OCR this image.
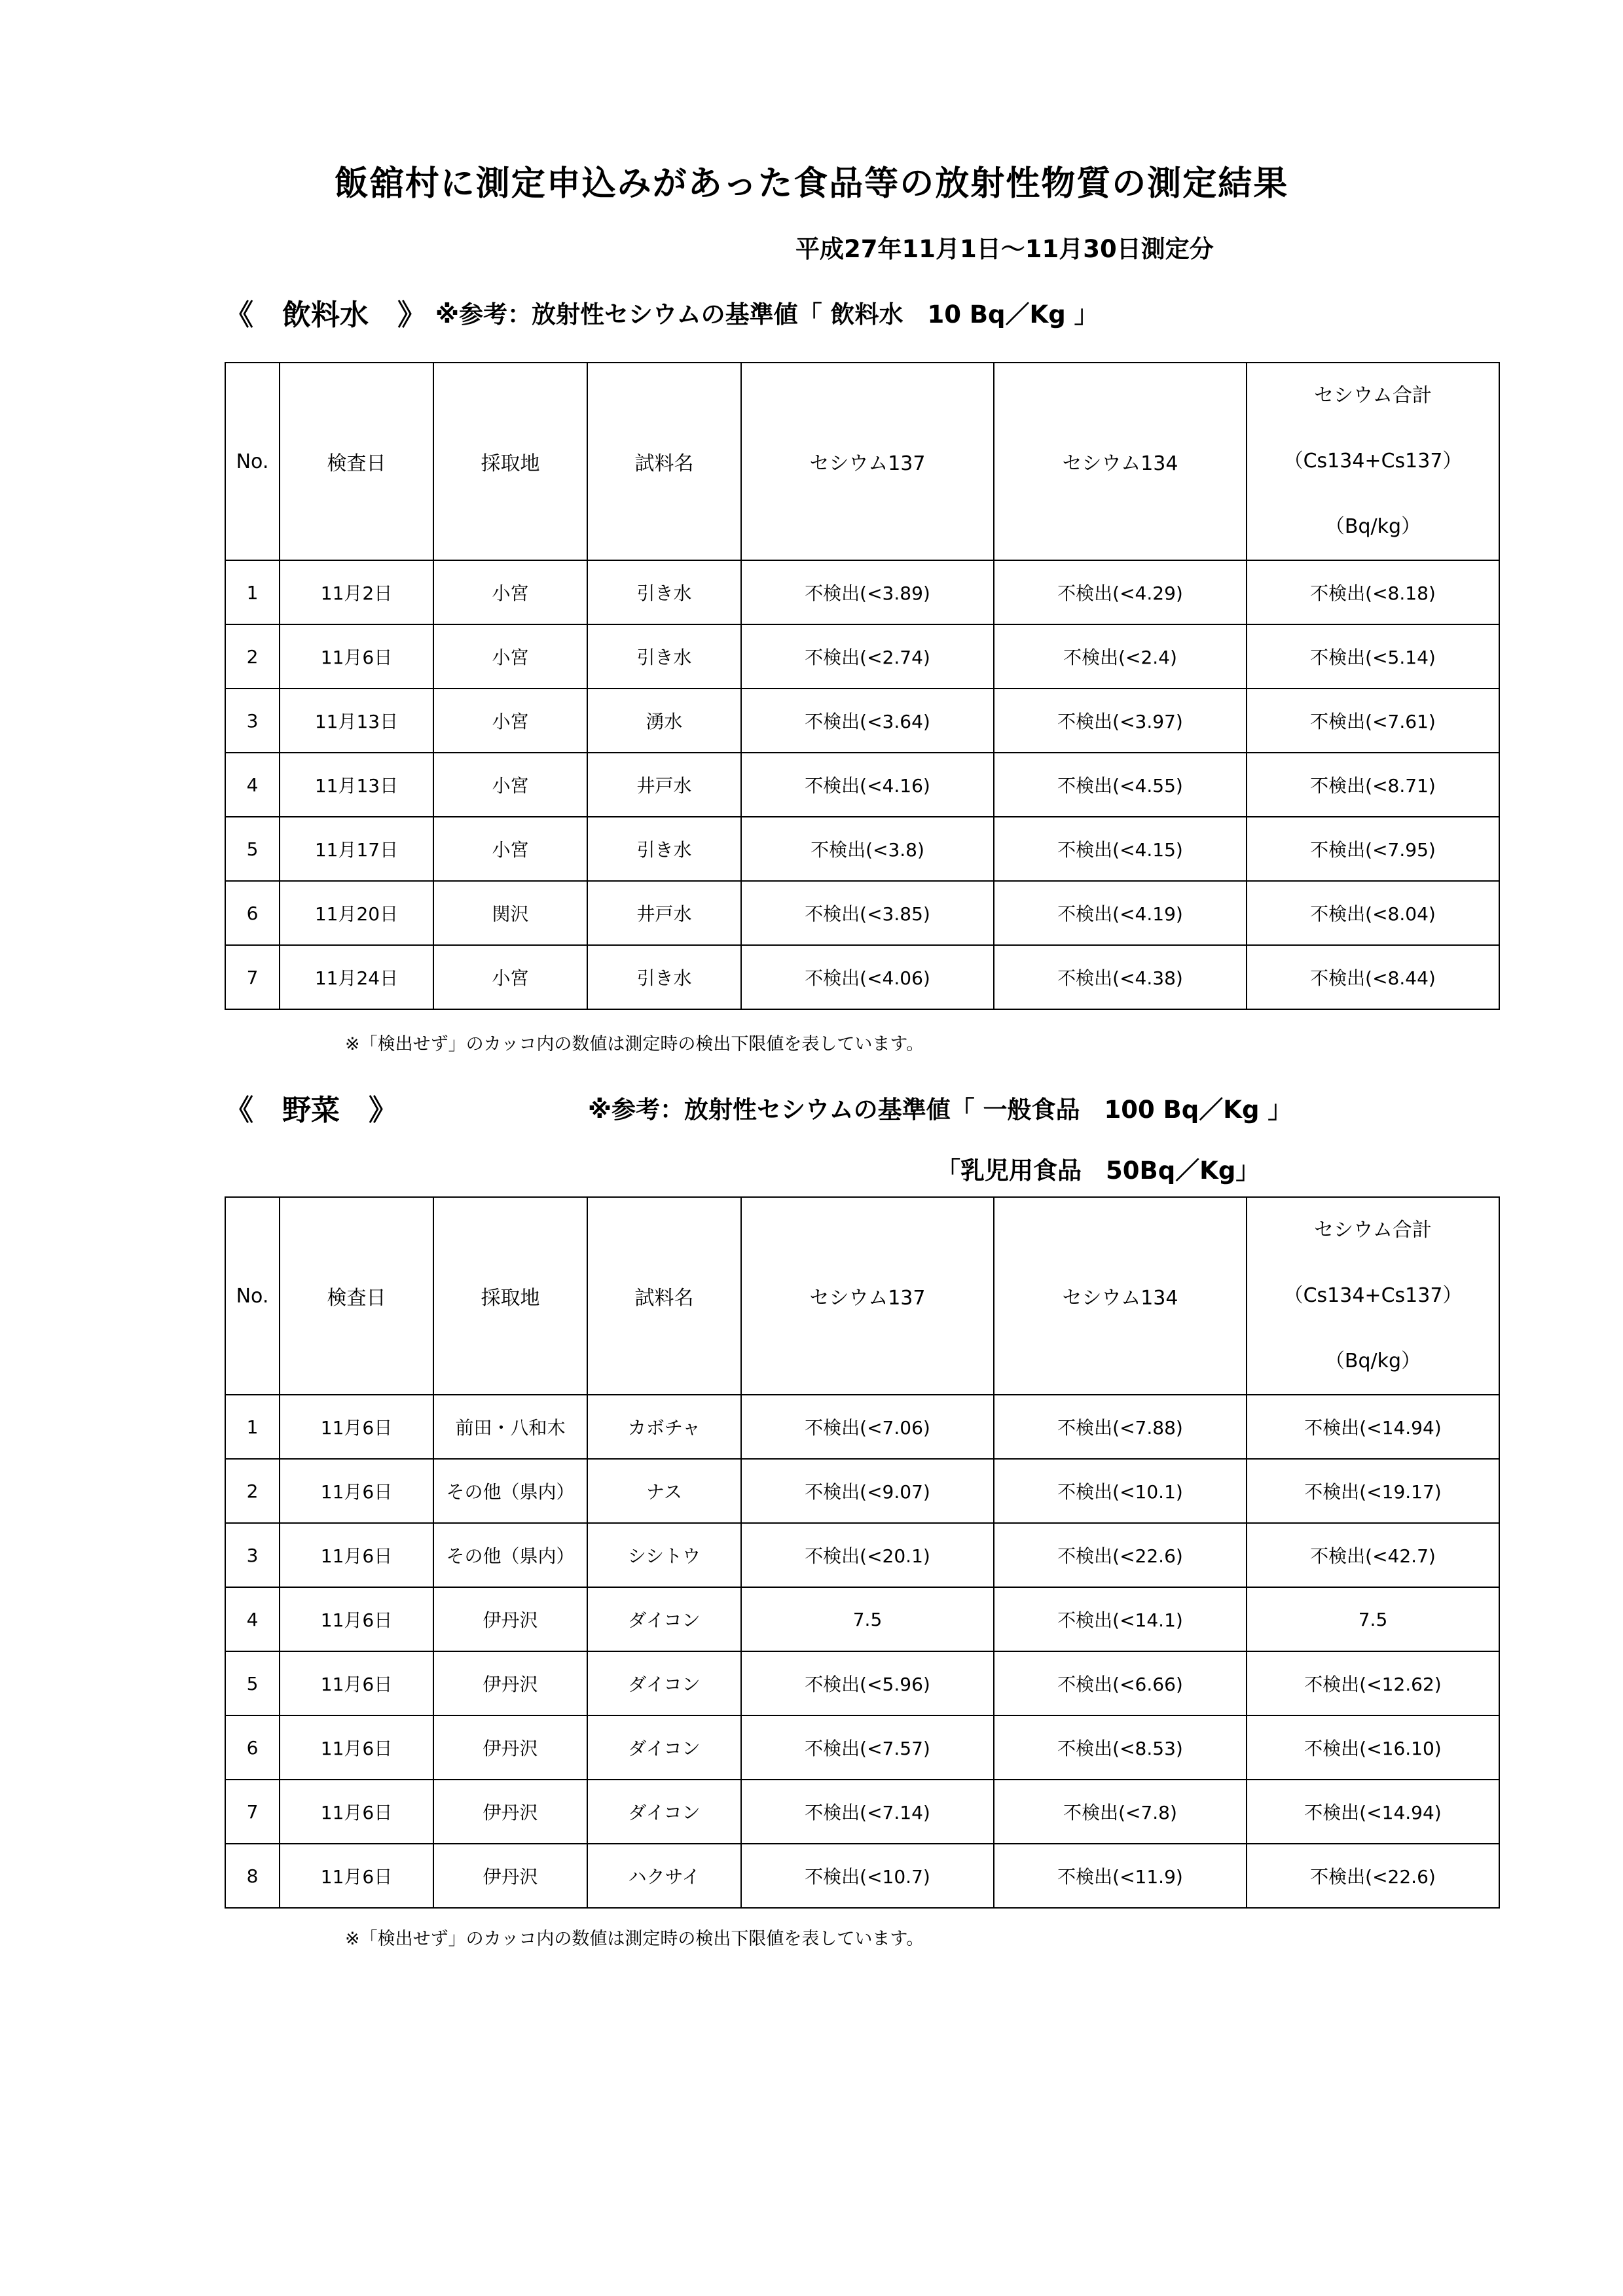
飯舘村に測定申込みがあった食品等の放射性物質の測定結果
平成27年11月1日～11月30日測定分
《　飲料水　》 ※参考：放射性セシウムの基準値「 飲料水　10 Bq／Kg 」
No.	検査日	採取地	試料名	セシウム137	セシウム134	セシウム合計
（Cs134+Cs137）
（Bq/kg）

1	11月2日	小宮	引き水	不検出(<3.89)	不検出(<4.29)	不検出(<8.18)
2	11月6日	小宮	引き水	不検出(<2.74)	不検出(<2.4)	不検出(<5.14)
3	11月13日	小宮	湧水	不検出(<3.64)	不検出(<3.97)	不検出(<7.61)
4	11月13日	小宮	井戸水	不検出(<4.16)	不検出(<4.55)	不検出(<8.71)
5	11月17日	小宮	引き水	不検出(<3.8)	不検出(<4.15)	不検出(<7.95)
6	11月20日	関沢	井戸水	不検出(<3.85)	不検出(<4.19)	不検出(<8.04)
7	11月24日	小宮	引き水	不検出(<4.06)	不検出(<4.38)	不検出(<8.44)
※「検出せず」のカッコ内の数値は測定時の検出下限値を表しています。
《　野菜　》	※参考：放射性セシウムの基準値「 一般食品　100 Bq／Kg 」
「乳児用食品　50Bq／Kg」
No.	検査日	採取地	試料名	セシウム137	セシウム134	セシウム合計
（Cs134+Cs137）
（Bq/kg）

1	11月6日	前田・八和木	カボチャ	不検出(<7.06)	不検出(<7.88)	不検出(<14.94)
2	11月6日	その他（県内）	ナス	不検出(<9.07)	不検出(<10.1)	不検出(<19.17)
3	11月6日	その他（県内）	シシトウ	不検出(<20.1)	不検出(<22.6)	不検出(<42.7)
4	11月6日	伊丹沢	ダイコン	7.5	不検出(<14.1)	7.5
5	11月6日	伊丹沢	ダイコン	不検出(<5.96)	不検出(<6.66)	不検出(<12.62)
6	11月6日	伊丹沢	ダイコン	不検出(<7.57)	不検出(<8.53)	不検出(<16.10)
7	11月6日	伊丹沢	ダイコン	不検出(<7.14)	不検出(<7.8)	不検出(<14.94)
8	11月6日	伊丹沢	ハクサイ	不検出(<10.7)	不検出(<11.9)	不検出(<22.6)
※「検出せず」のカッコ内の数値は測定時の検出下限値を表しています。
